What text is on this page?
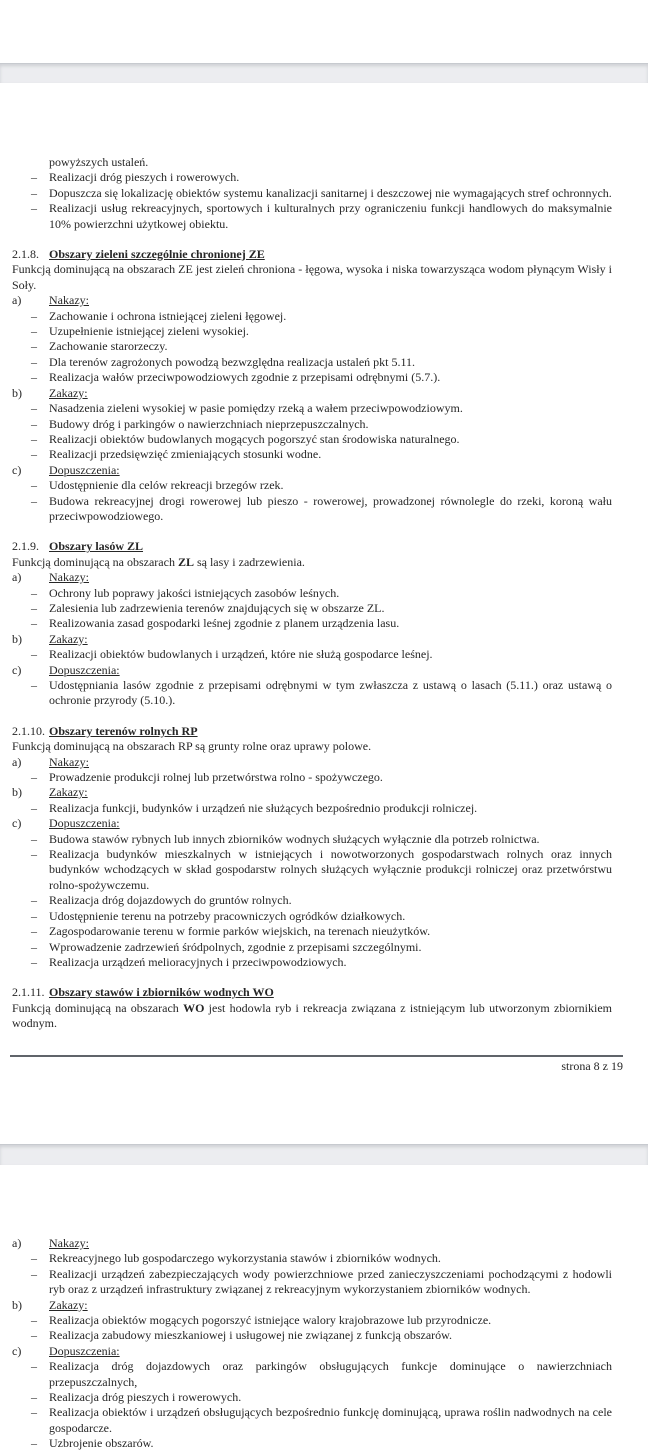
powyższych ustaleń.
– Realizacji dróg pieszych i rowerowych.
– Dopuszcza się lokalizację obiektów systemu kanalizacji sanitarnej i deszczowej nie wymagających stref ochronnych.
– Realizacji usług rekreacyjnych, sportowych i kulturalnych przy ograniczeniu funkcji handlowych do maksymalnie 10% powierzchni użytkowej obiektu.
2.1.8. Obszary zieleni szczególnie chronionej ZE
Funkcją dominującą na obszarach ZE jest zieleń chroniona - łęgowa, wysoka i niska towarzysząca wodom płynącym Wisły i Soły.
a)	Nakazy:
– Zachowanie i ochrona istniejącej zieleni łęgowej.
– Uzupełnienie istniejącej zieleni wysokiej.
– Zachowanie starorzeczy.
– Dla terenów zagrożonych powodzą bezwzględna realizacja ustaleń pkt 5.11.
– Realizacja wałów przeciwpowodziowych zgodnie z przepisami odrębnymi (5.7.).
b)	Zakazy:
– Nasadzenia zieleni wysokiej w pasie pomiędzy rzeką a wałem przeciwpowodziowym.
– Budowy dróg i parkingów o nawierzchniach nieprzepuszczalnych.
– Realizacji obiektów budowlanych mogących pogorszyć stan środowiska naturalnego.
– Realizacji przedsięwzięć zmieniających stosunki wodne.
c)	Dopuszczenia:
– Udostępnienie dla celów rekreacji brzegów rzek.
– Budowa rekreacyjnej drogi rowerowej lub pieszo - rowerowej, prowadzonej równolegle do rzeki, koroną wału przeciwpowodziowego.
2.1.9. Obszary lasów ZL
Funkcją dominującą na obszarach ZL są lasy i zadrzewienia.
a)	Nakazy:
– Ochrony lub poprawy jakości istniejących zasobów leśnych.
– Zalesienia lub zadrzewienia terenów znajdujących się w obszarze ZL.
– Realizowania zasad gospodarki leśnej zgodnie z planem urządzenia lasu.
b)	Zakazy:
– Realizacji obiektów budowlanych i urządzeń, które nie służą gospodarce leśnej.
c)	Dopuszczenia:
– Udostępniania lasów zgodnie z przepisami odrębnymi w tym zwłaszcza z ustawą o lasach (5.11.) oraz ustawą o ochronie przyrody (5.10.).
2.1.10. Obszary terenów rolnych RP
Funkcją dominującą na obszarach RP są grunty rolne oraz uprawy polowe.
a)	Nakazy:
– Prowadzenie produkcji rolnej lub przetwórstwa rolno - spożywczego.
b)	Zakazy:
– Realizacja funkcji, budynków i urządzeń nie służących bezpośrednio produkcji rolniczej.
c)	Dopuszczenia:
– Budowa stawów rybnych lub innych zbiorników wodnych służących wyłącznie dla potrzeb rolnictwa.
– Realizacja budynków mieszkalnych w istniejących i nowotworzonych gospodarstwach rolnych oraz innych budynków wchodzących w skład gospodarstw rolnych służących wyłącznie produkcji rolniczej oraz przetwórstwu rolno-spożywczemu.
– Realizacja dróg dojazdowych do gruntów rolnych.
– Udostępnienie terenu na potrzeby pracowniczych ogródków działkowych.
– Zagospodarowanie terenu w formie parków wiejskich, na terenach nieużytków.
– Wprowadzenie zadrzewień śródpolnych, zgodnie z przepisami szczególnymi.
– Realizacja urządzeń melioracyjnych i przeciwpowodziowych.
2.1.11. Obszary stawów i zbiorników wodnych WO
Funkcją dominującą na obszarach WO jest hodowla ryb i rekreacja związana z istniejącym lub utworzonym zbiornikiem wodnym.
strona 8 z 19
a)	Nakazy:
– Rekreacyjnego lub gospodarczego wykorzystania stawów i zbiorników wodnych.
– Realizacji urządzeń zabezpieczających wody powierzchniowe przed zanieczyszczeniami pochodzącymi z hodowli ryb oraz z urządzeń infrastruktury związanej z rekreacyjnym wykorzystaniem zbiorników wodnych.
b)	Zakazy:
– Realizacja obiektów mogących pogorszyć istniejące walory krajobrazowe lub przyrodnicze.
– Realizacja zabudowy mieszkaniowej i usługowej nie związanej z funkcją obszarów.
c)	Dopuszczenia:
– Realizacja dróg dojazdowych oraz parkingów obsługujących funkcje dominujące o nawierzchniach przepuszczalnych,
– Realizacja dróg pieszych i rowerowych.
– Realizacja obiektów i urządzeń obsługujących bezpośrednio funkcję dominującą, uprawa roślin nadwodnych na cele gospodarcze.
– Uzbrojenie obszarów.
